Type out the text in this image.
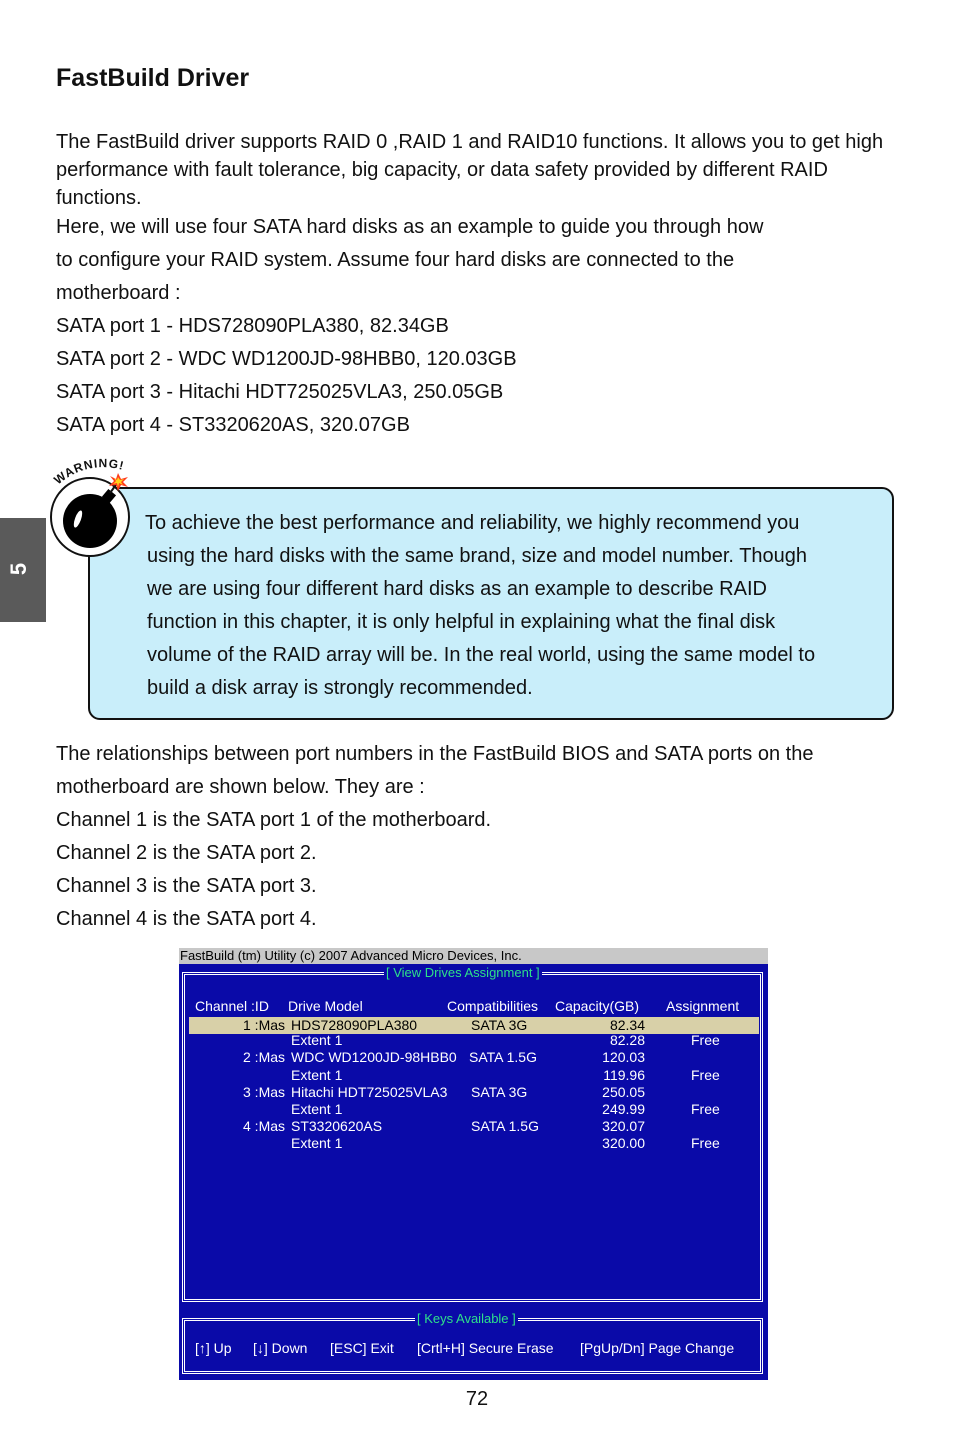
FastBuild Driver
The FastBuild driver supports RAID 0 ,RAID 1 and RAID10 functions. It allows you to get high performance with fault tolerance, big capacity, or data safety provided by different RAID functions.
Here, we will use four SATA hard disks as an example to guide you through how
to configure your RAID system. Assume four hard disks are connected to the
motherboard :
SATA port 1 - HDS728090PLA380, 82.34GB
SATA port 2 - WDC WD1200JD-98HBB0, 120.03GB
SATA port 3 - Hitachi HDT725025VLA3, 250.05GB
SATA port 4 - ST3320620AS, 320.07GB
5
WARNING!

To achieve the best performance and reliability, we highly recommend you

using the hard disks with the same brand, size and model number. Though

we are using four different hard disks as an example to describe RAID

function in this chapter, it is only helpful in explaining what the final disk

volume of the RAID array will be. In the real world, using the same model to

build a disk array is strongly recommended.

The relationships between port numbers in the FastBuild BIOS and SATA ports on the
motherboard are shown below. They are :
Channel 1 is the SATA port 1 of the motherboard.
Channel 2 is the SATA port 2.
Channel 3 is the SATA port 3.
Channel 4 is the SATA port 4.
FastBuild (tm) Utility (c) 2007 Advanced Micro Devices, Inc.
[ View Drives Assignment ]
Channel :ID Drive Model	Compatibilities Capacity(GB) Assignment
1 :Mas HDS728090PLA380	SATA 3G	82.34
Extent 1	82.28	Free
2 :Mas WDC WD1200JD-98HBB0 SATA 1.5G	120.03
Extent 1	119.96	Free
3 :Mas Hitachi HDT725025VLA3 SATA 3G	250.05
Extent 1	249.99	Free
4 :Mas ST3320620AS	SATA 1.5G	320.07
Extent 1	320.00	Free
[ Keys Available ]
[↑] Up [↓] Down [ESC] Exit [Crtl+H] Secure Erase [PgUp/Dn] Page Change
72
